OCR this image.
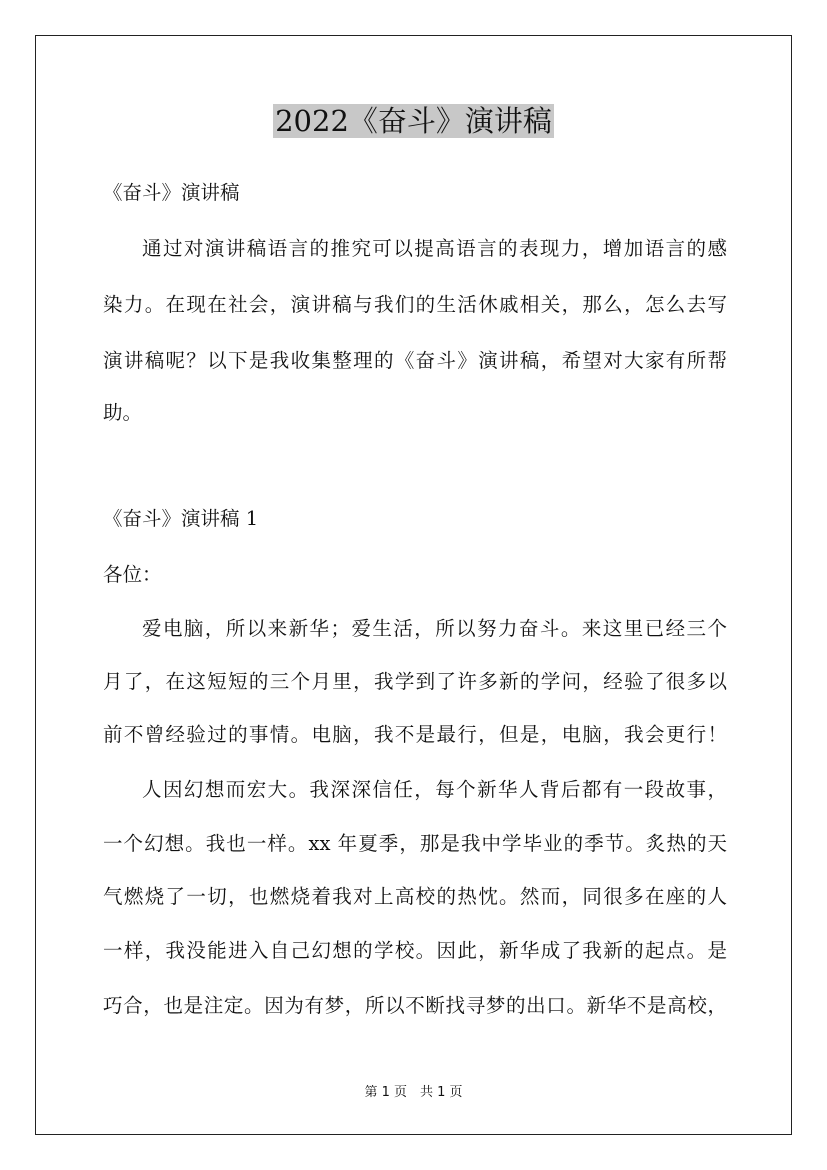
2022《奋斗》演讲稿
《奋斗》演讲稿
通过对演讲稿语言的推究可以提高语言的表现力，增加语言的感
染力。在现在社会，演讲稿与我们的生活休戚相关，那么，怎么去写
演讲稿呢？以下是我收集整理的《奋斗》演讲稿，希望对大家有所帮
助。
《奋斗》演讲稿 1
各位：
爱电脑，所以来新华；爱生活，所以努力奋斗。来这里已经三个
月了，在这短短的三个月里，我学到了许多新的学问，经验了很多以
前不曾经验过的事情。电脑，我不是最行，但是，电脑，我会更行！
人因幻想而宏大。我深深信任，每个新华人背后都有一段故事，
一个幻想。我也一样。xx 年夏季，那是我中学毕业的季节。炙热的天
气燃烧了一切，也燃烧着我对上高校的热忱。然而，同很多在座的人
一样，我没能进入自己幻想的学校。因此，新华成了我新的起点。是
巧合，也是注定。因为有梦，所以不断找寻梦的出口。新华不是高校，
第 1 页　共 1 页
